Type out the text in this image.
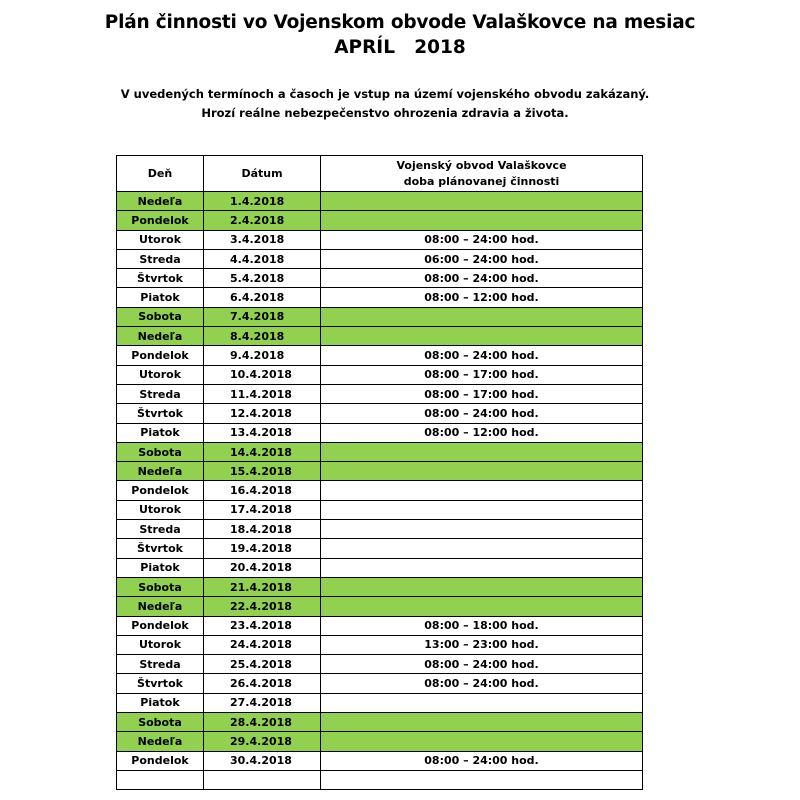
Plán činnosti vo Vojenskom obvode Valaškovce na mesiac
APRÍL   2018
V uvedených termínoch a časoch je vstup na území vojenského obvodu zakázaný.
Hrozí reálne nebezpečenstvo ohrozenia zdravia a života.
Deň	Dátum	Vojenský obvod Valaškovce
doba plánovanej činnosti
Nedeľa	1.4.2018	
Pondelok	2.4.2018	
Utorok	3.4.2018	08:00 – 24:00 hod.
Streda	4.4.2018	06:00 – 24:00 hod.
Štvrtok	5.4.2018	08:00 – 24:00 hod.
Piatok	6.4.2018	08:00 – 12:00 hod.
Sobota	7.4.2018	
Nedeľa	8.4.2018	
Pondelok	9.4.2018	08:00 – 24:00 hod.
Utorok	10.4.2018	08:00 – 17:00 hod.
Streda	11.4.2018	08:00 – 17:00 hod.
Štvrtok	12.4.2018	08:00 – 24:00 hod.
Piatok	13.4.2018	08:00 – 12:00 hod.
Sobota	14.4.2018	
Nedeľa	15.4.2018	
Pondelok	16.4.2018	
Utorok	17.4.2018	
Streda	18.4.2018	
Štvrtok	19.4.2018	
Piatok	20.4.2018	
Sobota	21.4.2018	
Nedeľa	22.4.2018	
Pondelok	23.4.2018	08:00 – 18:00 hod.
Utorok	24.4.2018	13:00 – 23:00 hod.
Streda	25.4.2018	08:00 – 24:00 hod.
Štvrtok	26.4.2018	08:00 – 24:00 hod.
Piatok	27.4.2018	
Sobota	28.4.2018	
Nedeľa	29.4.2018	
Pondelok	30.4.2018	08:00 – 24:00 hod.
